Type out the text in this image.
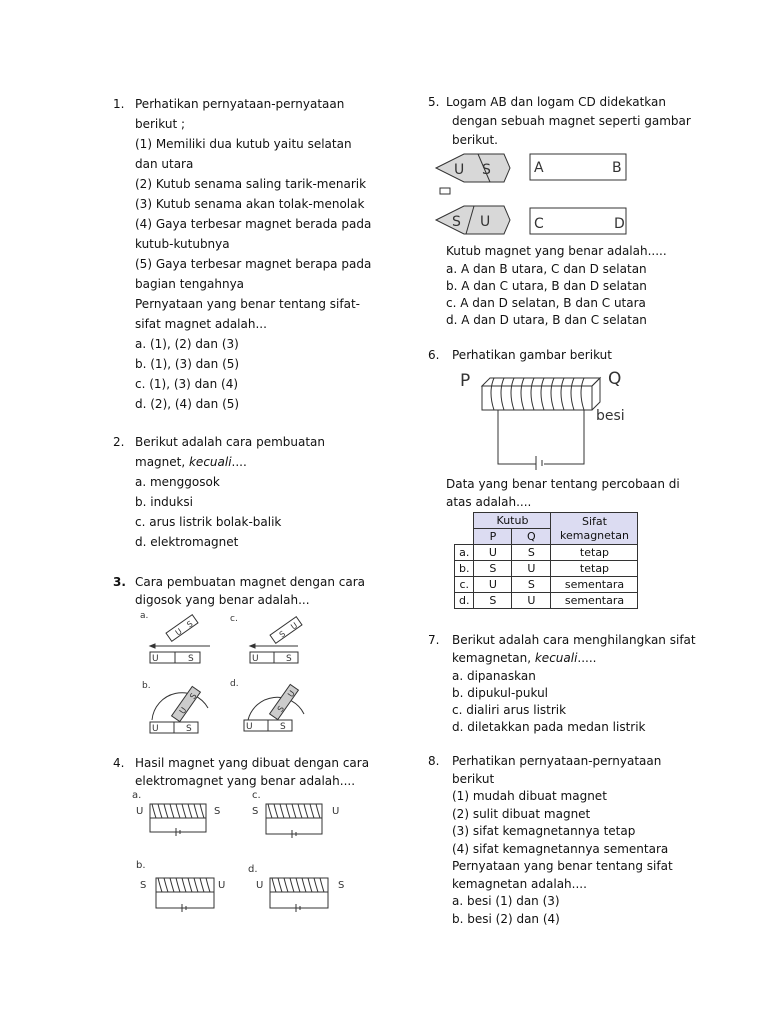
1. Perhatikan pernyataan-pernyataan
berikut ;
(1) Memiliki dua kutub yaitu selatan
dan utara
(2) Kutub senama saling tarik-menarik
(3) Kutub senama akan tolak-menolak
(4) Gaya terbesar magnet berada pada
kutub-kutubnya
(5) Gaya terbesar magnet berapa pada
bagian tengahnya
Pernyataan yang benar tentang sifat-
sifat magnet adalah...
a. (1), (2) dan (3)
b. (1), (3) dan (5)
c. (1), (3) dan (4)
d. (2), (4) dan (5)
2. Berikut adalah cara pembuatan
magnet, kecuali....
a. menggosok
b. induksi
c. arus listrik bolak-balik
d. elektromagnet
3. Cara pembuatan magnet dengan cara
digosok yang benar adalah...
a.
U
S
U	S
c.
S
U
U	S
b.
U
S
U	S
d.
S
U
U	S
4. Hasil magnet yang dibuat dengan cara
elektromagnet yang benar adalah....
a.
U	S
c.
S	U
b.
S	U
d.
U	S
5. Logam AB dan logam CD didekatkan
dengan sebuah magnet seperti gambar
berikut.
U S	A	B
S U	C	D
Kutub magnet yang benar adalah.....
a. A dan B utara, C dan D selatan
b. A dan C utara, B dan D selatan
c. A dan D selatan, B dan C utara
d. A dan D utara, B dan C selatan
6. Perhatikan gambar berikut
P	Q
besi
Data yang benar tentang percobaan di
atas adalah....
	Kutub		Sifat
kemagnetan
	P	Q	
a.	U	S	tetap
b.	S	U	tetap
c.	U	S	sementara
d.	S	U	sementara
7. Berikut adalah cara menghilangkan sifat
kemagnetan, kecuali.....
a. dipanaskan
b. dipukul-pukul
c. dialiri arus listrik
d. diletakkan pada medan listrik
8. Perhatikan pernyataan-pernyataan
berikut
(1) mudah dibuat magnet
(2) sulit dibuat magnet
(3) sifat kemagnetannya tetap
(4) sifat kemagnetannya sementara
Pernyataan yang benar tentang sifat
kemagnetan adalah....
a. besi (1) dan (3)
b. besi (2) dan (4)
